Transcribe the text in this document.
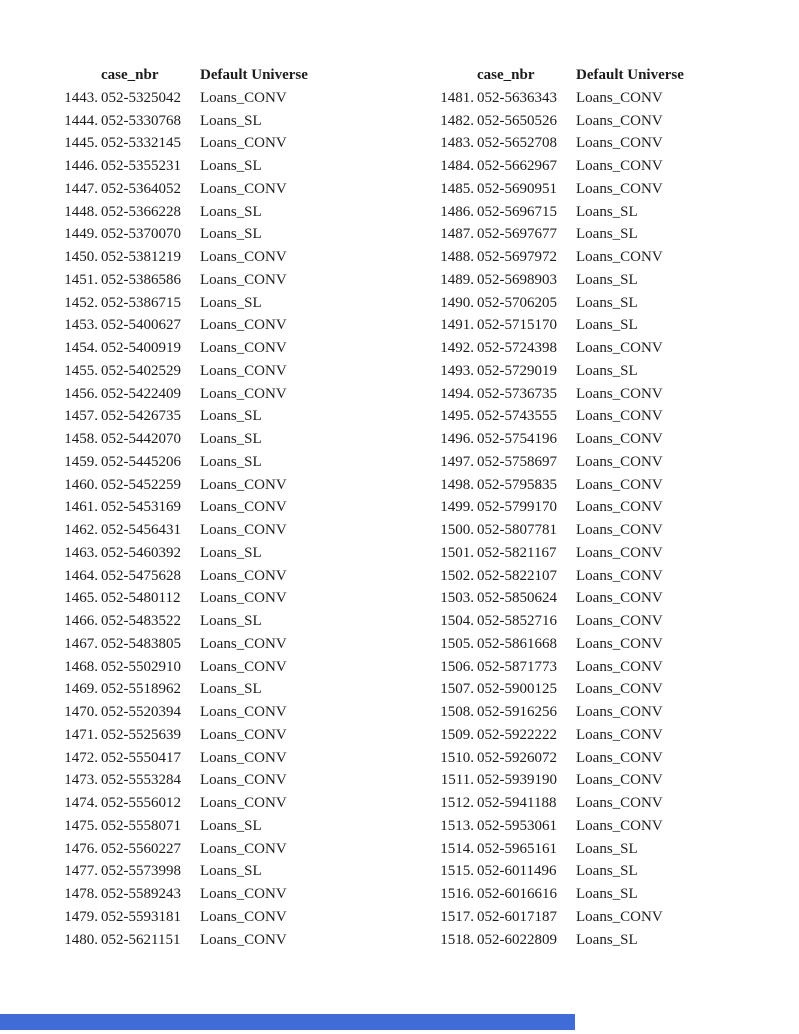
case_nbr	Default Universe
1443. 052-5325042	Loans_CONV
1444. 052-5330768	Loans_SL
1445. 052-5332145	Loans_CONV
1446. 052-5355231	Loans_SL
1447. 052-5364052	Loans_CONV
1448. 052-5366228	Loans_SL
1449. 052-5370070	Loans_SL
1450. 052-5381219	Loans_CONV
1451. 052-5386586	Loans_CONV
1452. 052-5386715	Loans_SL
1453. 052-5400627	Loans_CONV
1454. 052-5400919	Loans_CONV
1455. 052-5402529	Loans_CONV
1456. 052-5422409	Loans_CONV
1457. 052-5426735	Loans_SL
1458. 052-5442070	Loans_SL
1459. 052-5445206	Loans_SL
1460. 052-5452259	Loans_CONV
1461. 052-5453169	Loans_CONV
1462. 052-5456431	Loans_CONV
1463. 052-5460392	Loans_SL
1464. 052-5475628	Loans_CONV
1465. 052-5480112	Loans_CONV
1466. 052-5483522	Loans_SL
1467. 052-5483805	Loans_CONV
1468. 052-5502910	Loans_CONV
1469. 052-5518962	Loans_SL
1470. 052-5520394	Loans_CONV
1471. 052-5525639	Loans_CONV
1472. 052-5550417	Loans_CONV
1473. 052-5553284	Loans_CONV
1474. 052-5556012	Loans_CONV
1475. 052-5558071	Loans_SL
1476. 052-5560227	Loans_CONV
1477. 052-5573998	Loans_SL
1478. 052-5589243	Loans_CONV
1479. 052-5593181	Loans_CONV
1480. 052-5621151	Loans_CONV
case_nbr	Default Universe
1481. 052-5636343	Loans_CONV
1482. 052-5650526	Loans_CONV
1483. 052-5652708	Loans_CONV
1484. 052-5662967	Loans_CONV
1485. 052-5690951	Loans_CONV
1486. 052-5696715	Loans_SL
1487. 052-5697677	Loans_SL
1488. 052-5697972	Loans_CONV
1489. 052-5698903	Loans_SL
1490. 052-5706205	Loans_SL
1491. 052-5715170	Loans_SL
1492. 052-5724398	Loans_CONV
1493. 052-5729019	Loans_SL
1494. 052-5736735	Loans_CONV
1495. 052-5743555	Loans_CONV
1496. 052-5754196	Loans_CONV
1497. 052-5758697	Loans_CONV
1498. 052-5795835	Loans_CONV
1499. 052-5799170	Loans_CONV
1500. 052-5807781	Loans_CONV
1501. 052-5821167	Loans_CONV
1502. 052-5822107	Loans_CONV
1503. 052-5850624	Loans_CONV
1504. 052-5852716	Loans_CONV
1505. 052-5861668	Loans_CONV
1506. 052-5871773	Loans_CONV
1507. 052-5900125	Loans_CONV
1508. 052-5916256	Loans_CONV
1509. 052-5922222	Loans_CONV
1510. 052-5926072	Loans_CONV
1511. 052-5939190	Loans_CONV
1512. 052-5941188	Loans_CONV
1513. 052-5953061	Loans_CONV
1514. 052-5965161	Loans_SL
1515. 052-6011496	Loans_SL
1516. 052-6016616	Loans_SL
1517. 052-6017187	Loans_CONV
1518. 052-6022809	Loans_SL
